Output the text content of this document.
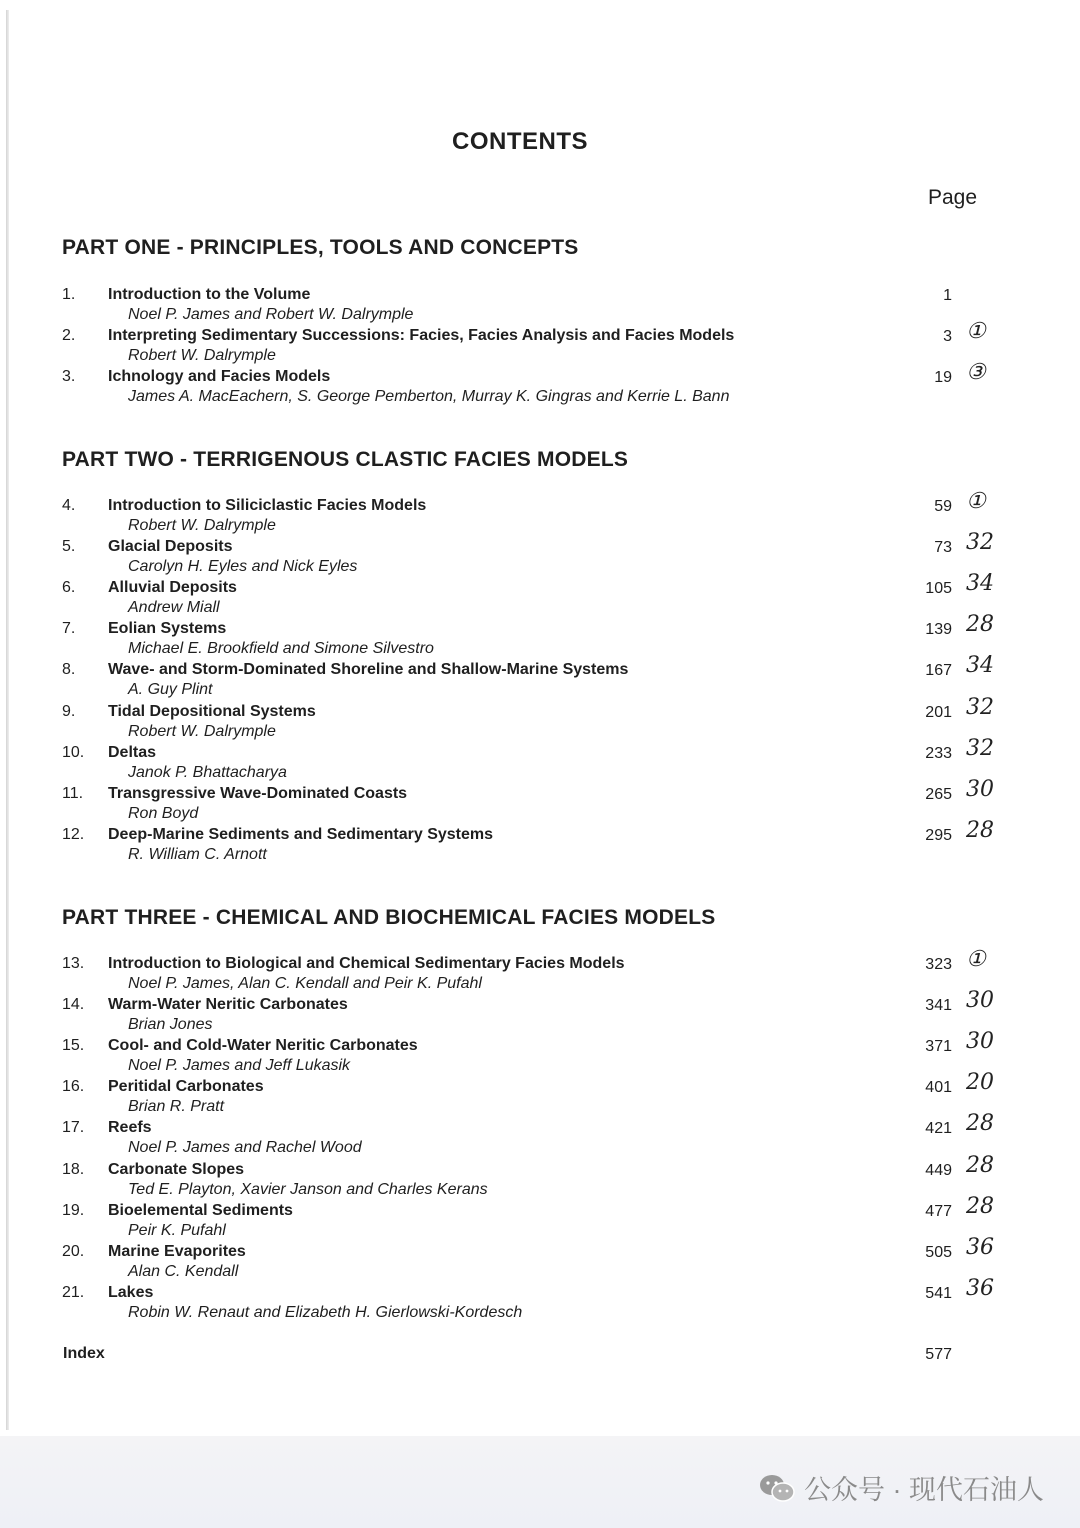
CONTENTS
Page
PART ONE - PRINCIPLES, TOOLS AND CONCEPTS
1. Introduction to the Volume
Noel P. James and Robert W. Dalrymple
1
2. Interpreting Sedimentary Successions: Facies, Facies Analysis and Facies Models
Robert W. Dalrymple
3 ①
3. Ichnology and Facies Models
James A. MacEachern, S. George Pemberton, Murray K. Gingras and Kerrie L. Bann
19 ③
PART TWO - TERRIGENOUS CLASTIC FACIES MODELS
4. Introduction to Siliciclastic Facies Models
Robert W. Dalrymple
59 ①
5. Glacial Deposits
Carolyn H. Eyles and Nick Eyles
73 32
6. Alluvial Deposits
Andrew Miall
105 34
7. Eolian Systems
Michael E. Brookfield and Simone Silvestro
139 28
8. Wave- and Storm-Dominated Shoreline and Shallow-Marine Systems
A. Guy Plint
167 34
9. Tidal Depositional Systems
Robert W. Dalrymple
201 32
10. Deltas
Janok P. Bhattacharya
233 32
11. Transgressive Wave-Dominated Coasts
Ron Boyd
265 30
12. Deep-Marine Sediments and Sedimentary Systems
R. William C. Arnott
295 28
PART THREE - CHEMICAL AND BIOCHEMICAL FACIES MODELS
13. Introduction to Biological and Chemical Sedimentary Facies Models
Noel P. James, Alan C. Kendall and Peir K. Pufahl
323 ①
14. Warm-Water Neritic Carbonates
Brian Jones
341 30
15. Cool- and Cold-Water Neritic Carbonates
Noel P. James and Jeff Lukasik
371 30
16. Peritidal Carbonates
Brian R. Pratt
401 20
17. Reefs
Noel P. James and Rachel Wood
421 28
18. Carbonate Slopes
Ted E. Playton, Xavier Janson and Charles Kerans
449 28
19. Bioelemental Sediments
Peir K. Pufahl
477 28
20. Marine Evaporites
Alan C. Kendall
505 36
21. Lakes
Robin W. Renaut and Elizabeth H. Gierlowski-Kordesch
541 36
Index	577
公众号 · 现代石油人
